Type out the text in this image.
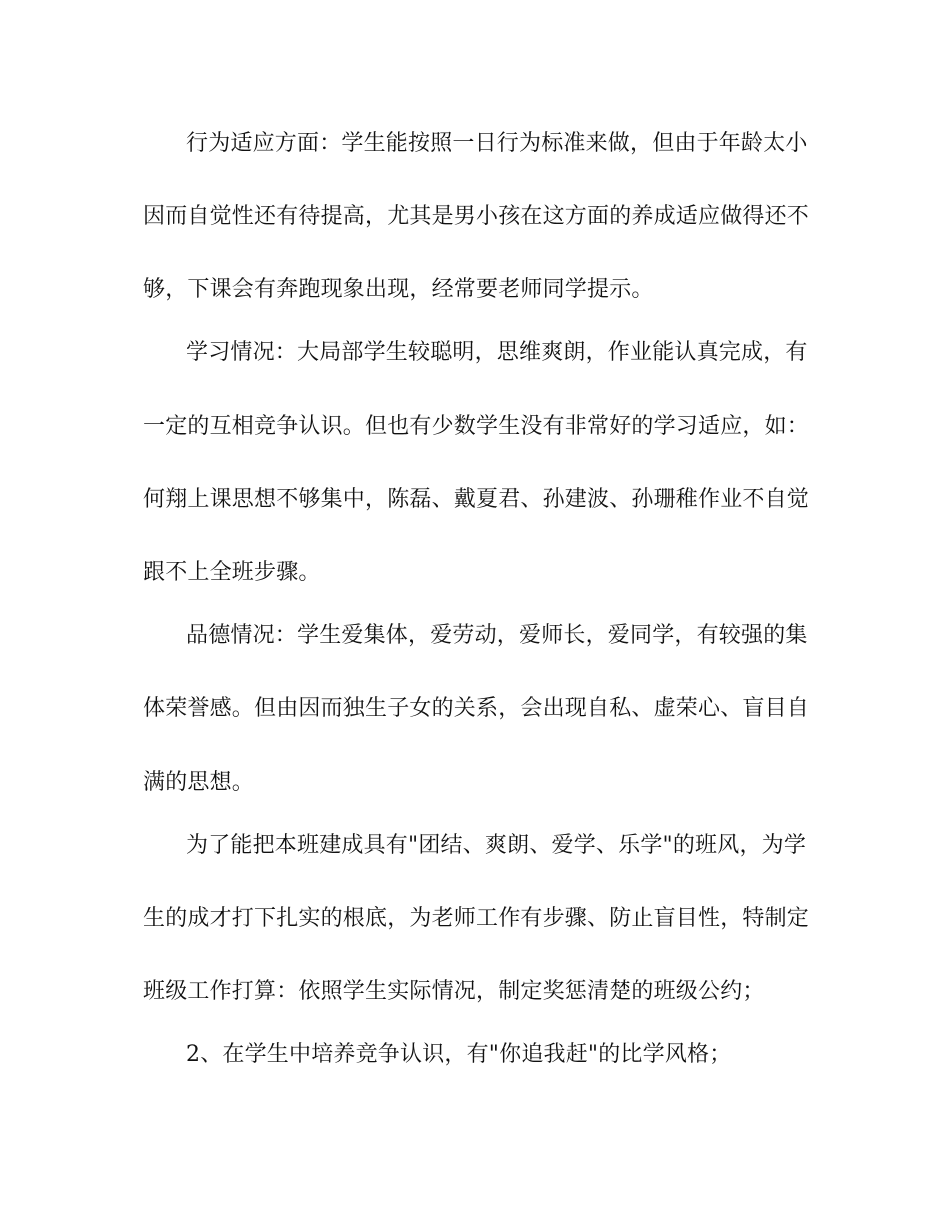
行为适应方面：学生能按照一日行为标准来做，但由于年龄太小
因而自觉性还有待提高，尤其是男小孩在这方面的养成适应做得还不
够，下课会有奔跑现象出现，经常要老师同学提示。
学习情况：大局部学生较聪明，思维爽朗，作业能认真完成，有
一定的互相竞争认识。但也有少数学生没有非常好的学习适应，如：
何翔上课思想不够集中，陈磊、戴夏君、孙建波、孙珊稚作业不自觉
跟不上全班步骤。
品德情况：学生爱集体，爱劳动，爱师长，爱同学，有较强的集
体荣誉感。但由因而独生子女的关系，会出现自私、虚荣心、盲目自
满的思想。
为了能把本班建成具有"团结、爽朗、爱学、乐学"的班风，为学
生的成才打下扎实的根底，为老师工作有步骤、防止盲目性，特制定
班级工作打算：依照学生实际情况，制定奖惩清楚的班级公约；
2、在学生中培养竞争认识，有"你追我赶"的比学风格；
